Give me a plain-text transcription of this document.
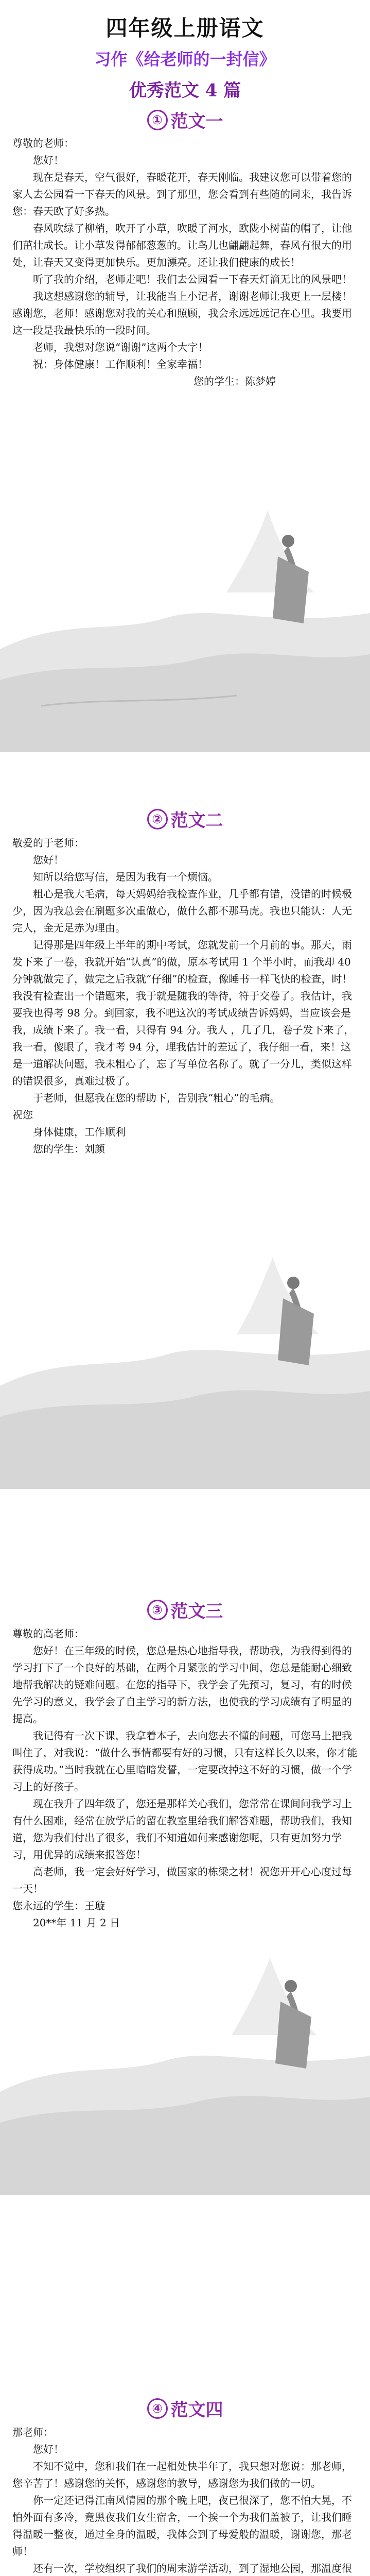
四年级上册语文
习作《给老师的一封信》
优秀范文 4 篇
① 范文一

尊敬的老师：

您好！

现在是春天，空气很好，春暖花开，春天刚临。我建议您可以带着您的家人去公园看一下春天的风景。到了那里，您会看到有些随的同来，我告诉您：春天欧了好多热。

春风吹绿了柳梢，吹开了小草，吹暖了河水，欧陇小树苗的帽了，让他们茁壮成长。让小草发得郁郁葱葱的。让鸟儿也翩翩起舞，春风有很大的用处，让春天又变得更加快乐。更加漂亮。还让我们健康的成长！

听了我的介绍，老师走吧！我们去公园看一下春天灯滴无比的风景吧！

我这想感谢您的辅导，让我能当上小记者，谢谢老师让我更上一层楼！感谢您，老师！感谢您对我的关心和照顾，我会永远远远记在心里。我要用这一段是我最快乐的一段时间。

老师，我想对您说“谢谢”这两个大字！

祝：身体健康！工作顺利！全家幸福！

您的学生：陈梦婷

② 范文二

敬爱的于老师：

您好！

知所以给您写信，是因为我有一个烦恼。

粗心是我大毛病，每天妈妈给我检查作业，几乎都有错，没错的时候极少，因为我总会在刷题多次重做心，做什么都不那马虎。我也只能认：人无完人，金无足赤为理由。

记得那是四年级上半年的期中考试，您就发前一个月前的事。那天，雨发下来了一卷，我就开始“认真”的做，原本考试用 1 个半小时，而我却 40 分钟就做完了，做完之后我就“仔细”的检查，像睡书一样飞快的检查，时！我没有检查出一个错题来，我于就是随我的等待，符于交卷了。我估计，我要我也得考 98 分。到回家，我不吧这次的考试成绩告诉妈妈，当应该会是我，成绩下来了。我一看，只得有 94 分。我人 ，几了几，卷子发下来了，我一看，傻眼了，我才考 94 分，理我估计的差远了，我仔细一看，来！这是一道解决问题，我未粗心了，忘了写单位名称了。就了一分儿，类似这样的错误很多，真难过极了。

于老师，但愿我在您的帮助下，告别我“粗心”的毛病。

祝您

身体健康，工作顺利

您的学生：刘颜

③ 范文三

尊敬的高老师：

您好！在三年级的时候，您总是热心地指导我，帮助我，为我得到得的学习打下了一个良好的基础，在两个月紧张的学习中间，您总是能耐心细致地帮我解决的疑难问题。在您的指导下，我学会了先预习，复习，有的时候先学习的意义，我学会了自主学习的新方法，也使我的学习成绩有了明显的提高。

我记得有一次下课，我拿着本子，去向您去不懂的问题，可您马上把我叫住了，对我说：“做什么事情都要有好的习惯，只有这样长久以来，你才能获得成功。”当时我就在心里暗暗发誓，一定要改掉这不好的习惯，做一个学习上的好孩子。

现在我升了四年级了，您还是那样关心我们，您常常在课间问我学习上有什么困难，经常在放学后的留在教室里给我们解答难题，帮助我们，我知道，您为我们付出了很多，我们不知道如何来感谢您呢，只有更加努力学习，用优异的成绩来报答您！

高老师，我一定会好好学习，做国家的栋梁之材！祝您开开心心度过每一天！

您永远的学生：王璇

20**年 11 月 2 日

④ 范文四

那老师：

您好！

不知不觉中，您和我们在一起相处快半年了，我只想对您说：那老师，您辛苦了！感谢您的关怀，感谢您的教导，感谢您为我们做的一切。

你一定还记得江南风情园的那个晚上吧，夜已很深了，您不怕大晃，不怕外面有多冷，竟黑夜我们女生宿舍，一个挨一个为我们盖被子，让我们睡得温暖一整夜，通过全身的温暖，我体会到了母爱般的温暖，谢谢您，那老师！

还有一次，学校组织了我们的周末游学活动，到了湿地公园，那温度很
